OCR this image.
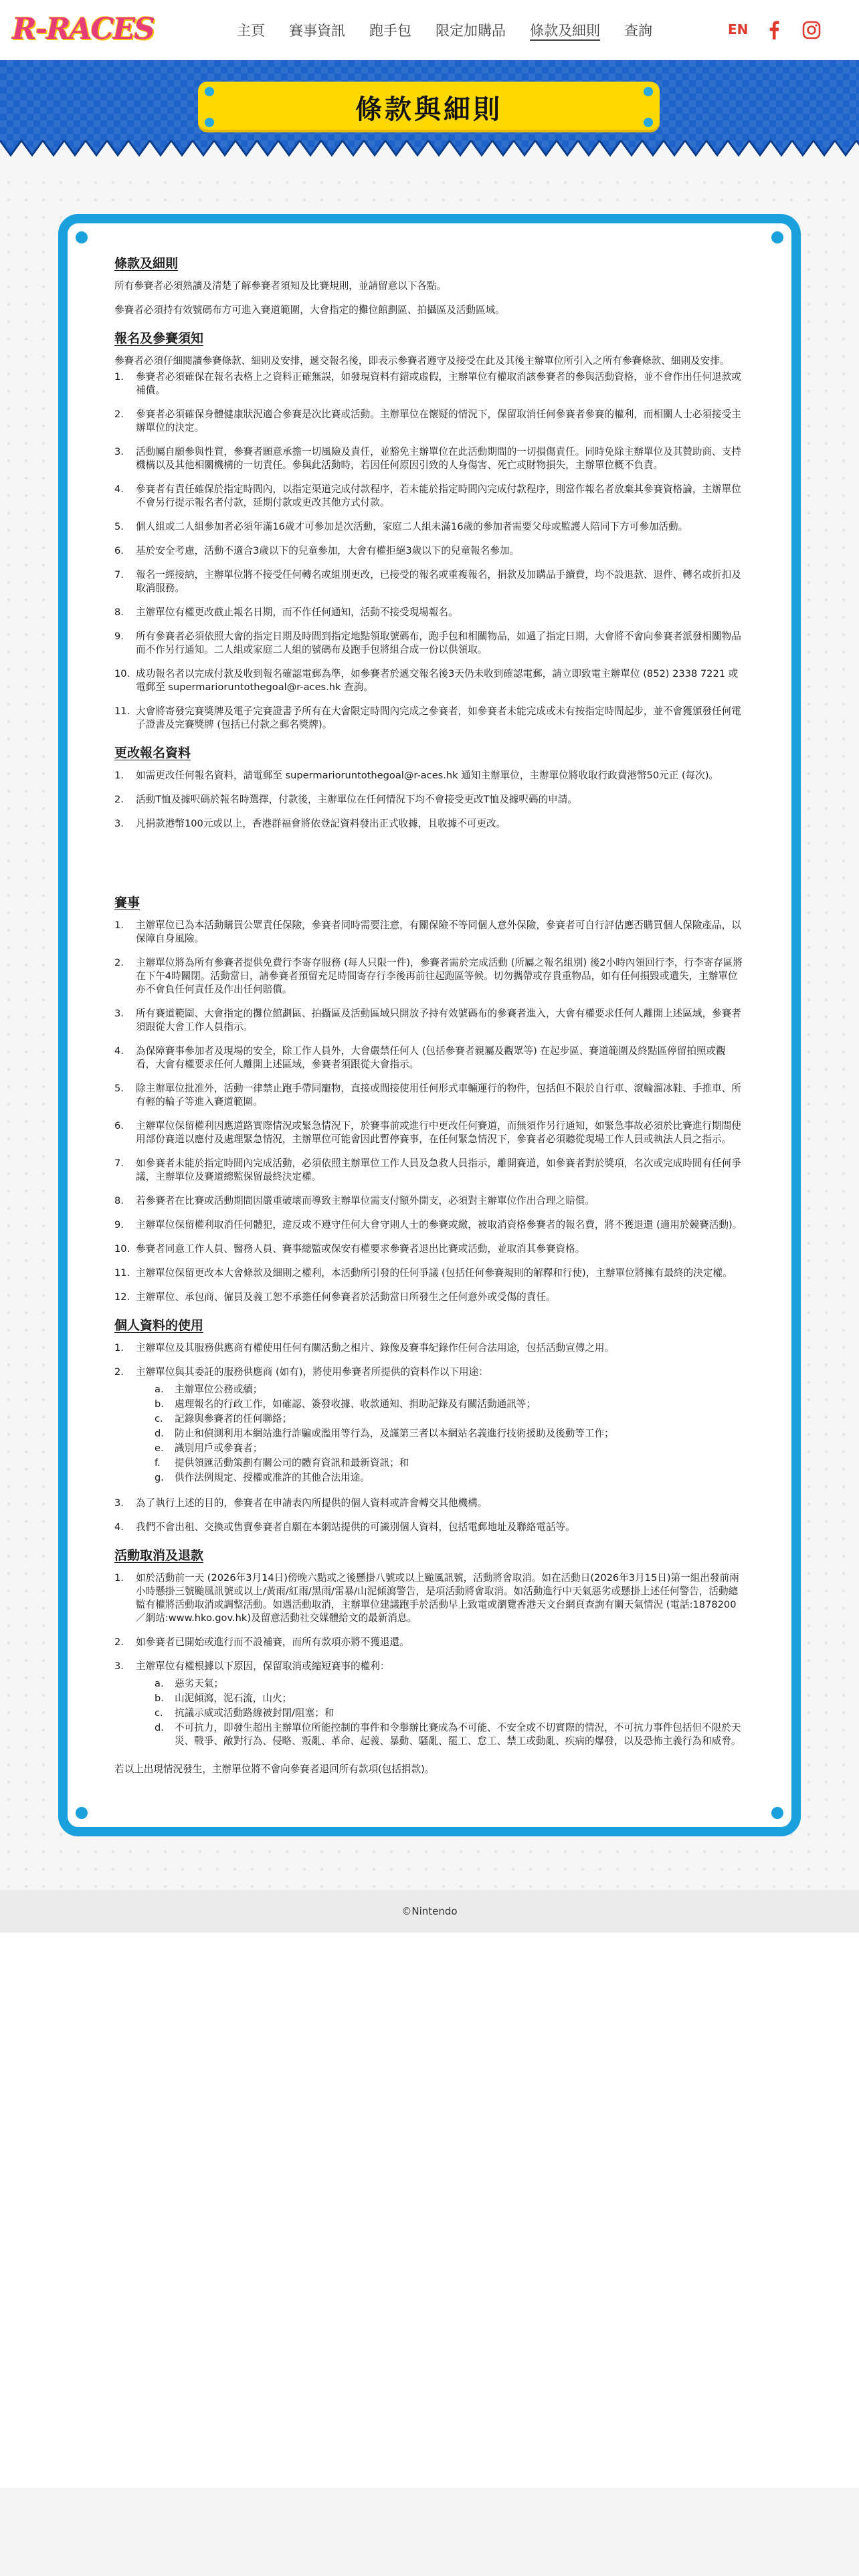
R-RACES	主頁	賽事資訊	跑手包	限定加購品	條款及細則	查詢	EN
條款與細則
條款及細則

所有參賽者必須熟讀及清楚了解參賽者須知及比賽規則，並請留意以下各點。

參賽者必須持有效號碼布方可進入賽道範圍，大會指定的攤位館劃區、拍攝區及活動區域。

報名及參賽須知

參賽者必須仔細閱讀參賽條款、細則及安排，遞交報名後，即表示參賽者遵守及接受在此及其後主辦單位所引入之所有參賽條款、細則及安排。

1.	參賽者必須確保在報名表格上之資料正確無誤，如發現資料有錯或虛假，主辦單位有權取消該參賽者的參與活動資格，並不會作出任何退款或補償。
2.	參賽者必須確保身體健康狀況適合參賽是次比賽或活動。主辦單位在懷疑的情況下，保留取消任何參賽者參賽的權利，而相關人士必須接受主辦單位的決定。
3.	活動屬自願參與性質，參賽者願意承擔一切風險及責任，並豁免主辦單位在此活動期間的一切損傷責任。同時免除主辦單位及其贊助商、支持機構以及其他相關機構的一切責任。參與此活動時，若因任何原因引致的人身傷害、死亡或財物損失，主辦單位概不負責。
4.	參賽者有責任確保於指定時間內，以指定渠道完成付款程序，若未能於指定時間內完成付款程序，則當作報名者放棄其參賽資格論，主辦單位不會另行提示報名者付款，延期付款或更改其他方式付款。
5.	個人組或二人組參加者必須年滿16歲才可參加是次活動，家庭二人組未滿16歲的參加者需要父母或監護人陪同下方可參加活動。
6.	基於安全考慮，活動不適合3歲以下的兒童參加，大會有權拒絕3歲以下的兒童報名參加。
7.	報名一經接納，主辦單位將不接受任何轉名或組別更改，已接受的報名或重複報名，捐款及加購品手續費，均不設退款、退件、轉名或折扣及取消服務。
8.	主辦單位有權更改截止報名日期，而不作任何通知，活動不接受現場報名。
9.	所有參賽者必須依照大會的指定日期及時間到指定地點領取號碼布，跑手包和相關物品，如過了指定日期，大會將不會向參賽者派發相關物品而不作另行通知。二人組或家庭二人組的號碼布及跑手包將組合成一份以供領取。
10. 成功報名者以完成付款及收到報名確認電郵為準，如參賽者於遞交報名後3天仍未收到確認電郵，請立即致電主辦單位 (852) 2338 7221 或電郵至 supermarioruntothegoal@r-aces.hk 查詢。
11. 大會將寄發完賽獎牌及電子完賽證書予所有在大會限定時間內完成之參賽者，如參賽者未能完成或未有按指定時間起步，並不會獲頒發任何電子證書及完賽獎牌 (包括已付款之郵名獎牌)。
更改報名資料
1.	如需更改任何報名資料，請電郵至 supermarioruntothegoal@r-aces.hk 通知主辦單位，主辦單位將收取行政費港幣50元正 (每次)。
2.	活動T恤及據呎碼於報名時選擇，付款後，主辦單位在任何情況下均不會接受更改T恤及據呎碼的申請。
3.	凡捐款港幣100元或以上，香港群福會將依登記資料發出正式收據，且收據不可更改。
賽事
1.	主辦單位已為本活動購買公眾責任保險，參賽者同時需要注意，有關保險不等同個人意外保險，參賽者可自行評估應否購買個人保險產品，以保障自身風險。
2.	主辦單位將為所有參賽者提供免費行李寄存服務 (每人只限一件)，參賽者需於完成活動 (所屬之報名組別) 後2小時內領回行李，行李寄存區將在下午4時關閉。活動當日，請參賽者預留充足時間寄存行李後再前往起跑區等候。切勿攜帶或存貴重物品，如有任何損毀或遺失，主辦單位亦不會負任何責任及作出任何賠償。
3.	所有賽道範圍、大會指定的攤位館劃區、拍攝區及活動區域只開放予持有效號碼布的參賽者進入，大會有權要求任何人離開上述區域，參賽者須跟從大會工作人員指示。
4.	為保障賽事參加者及現場的安全，除工作人員外，大會嚴禁任何人 (包括參賽者親屬及觀眾等) 在起步區、賽道範圍及終點區停留拍照或觀看，大會有權要求任何人離開上述區域，參賽者須跟從大會指示。
5.	除主辦單位批准外，活動一律禁止跑手帶同寵物，直接或間接使用任何形式車輛運行的物件，包括但不限於自行車、滾輪溜冰鞋、手推車、所有輕的輪子等進入賽道範圍。
6.	主辦單位保留權利因應道路實際情況或緊急情況下，於賽事前或進行中更改任何賽道，而無須作另行通知，如緊急事故必須於比賽進行期間使用部份賽道以應付及處理緊急情況，主辦單位可能會因此暫停賽事，在任何緊急情況下，參賽者必須聽從現場工作人員或執法人員之指示。
7.	如參賽者未能於指定時間內完成活動，必須依照主辦單位工作人員及急救人員指示，離開賽道，如參賽者對於獎項，名次或完成時間有任何爭議，主辦單位及賽道總監保留最終決定權。
8.	若參賽者在比賽或活動期間因嚴重破壞而導致主辦單位需支付額外開支，必須對主辦單位作出合理之賠償。
9.	主辦單位保留權利取消任何體犯，違反或不遵守任何大會守則人士的參賽或繳，被取消資格參賽者的報名費，將不獲退還 (適用於競賽活動)。
10. 參賽者同意工作人員、醫務人員、賽事總監或保安有權要求參賽者退出比賽或活動，並取消其參賽資格。
11. 主辦單位保留更改本大會條款及細則之權利，本活動所引發的任何爭議 (包括任何參賽規則的解釋和行使)，主辦單位將擁有最終的決定權。
12. 主辦單位、承包商、僱員及義工恕不承擔任何參賽者於活動當日所發生之任何意外或受傷的責任。
個人資料的使用
1.	主辦單位及其服務供應商有權使用任何有關活動之相片、錄像及賽事紀錄作任何合法用途，包括活動宣傳之用。
2.	主辦單位與其委託的服務供應商 (如有)，將使用參賽者所提供的資料作以下用途：
a.	主辦單位公務或續；
b.	處理報名的行政工作，如確認、簽發收據、收款通知、捐助記錄及有關活動通訊等；
c.	記錄與參賽者的任何聯絡；
d.	防止和偵測利用本網站進行詐騙或濫用等行為，及謹第三者以本網站名義進行技術援助及後動等工作；
e.	識別用戶或參賽者；
f.	提供領匯活動策劃有關公司的體育資訊和最新資訊；和
g.	供作法例規定、授權或准許的其他合法用途。
3.	為了執行上述的目的，參賽者在申請表內所提供的個人資料或許會轉交其他機構。
4.	我們不會出租、交換或售賣參賽者自願在本網站提供的可識別個人資料，包括電郵地址及聯絡電話等。
活動取消及退款
1.	如於活動前一天 (2026年3月14日)傍晚六點或之後懸掛八號或以上颱風訊號，活動將會取消。如在活動日(2026年3月15日)第一組出發前兩小時懸掛三號颱風訊號或以上/黃雨/紅雨/黑雨/雷暴/山泥傾瀉警告，是項活動將會取消。如活動進行中天氣惡劣或懸掛上述任何警告，活動總監有權將活動取消或調整活動。如遇活動取消，主辦單位建議跑手於活動早上致電或瀏覽香港天文台網頁查詢有關天氣情況 (電話:1878200／網站:www.hko.gov.hk)及留意活動社交媒體給文的最新消息。
2.	如參賽者已開始或進行而不設補賽，而所有款項亦將不獲退還。
3.	主辦單位有權根據以下原因，保留取消或縮短賽事的權利：
a.	惡劣天氣；
b.	山泥傾瀉，泥石流，山火；
c.	抗議示威或活動路線被封閉/阻塞；和
d.	不可抗力，即發生超出主辦單位所能控制的事件和令舉辦比賽成為不可能、不安全或不切實際的情況，不可抗力事件包括但不限於天災、戰爭、敵對行為、侵略、叛亂、革命、起義、暴動、騷亂、罷工、怠工、禁工或動亂、疾病的爆發，以及恐怖主義行為和威脅。

若以上出現情況發生，主辦單位將不會向參賽者退回所有款項(包括捐款)。

©Nintendo
